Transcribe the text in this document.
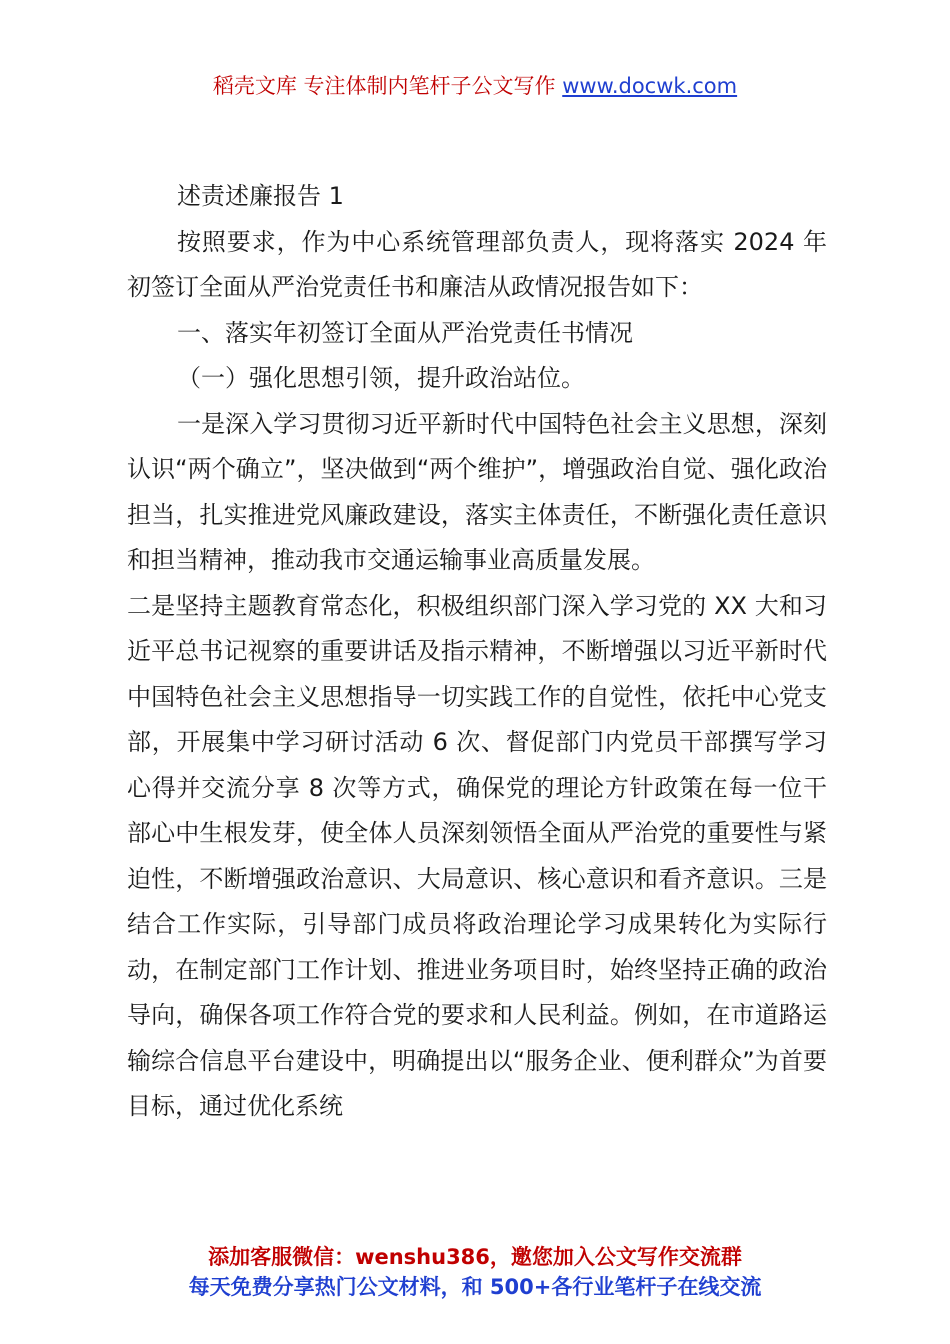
稻壳文库 专注体制内笔杆子公文写作 www.docwk.com

述责述廉报告 1

按照要求，作为中心系统管理部负责人，现将落实 2024 年初签订全面从严治党责任书和廉洁从政情况报告如下：

一、落实年初签订全面从严治党责任书情况

（一）强化思想引领，提升政治站位。

一是深入学习贯彻习近平新时代中国特色社会主义思想，深刻认识“两个确立”，坚决做到“两个维护”，增强政治自觉、强化政治担当，扎实推进党风廉政建设，落实主体责任，不断强化责任意识和担当精神，推动我市交通运输事业高质量发展。

二是坚持主题教育常态化，积极组织部门深入学习党的 XX 大和习近平总书记视察的重要讲话及指示精神，不断增强以习近平新时代中国特色社会主义思想指导一切实践工作的自觉性，依托中心党支部，开展集中学习研讨活动 6 次、督促部门内党员干部撰写学习心得并交流分享 8 次等方式，确保党的理论方针政策在每一位干部心中生根发芽，使全体人员深刻领悟全面从严治党的重要性与紧迫性，不断增强政治意识、大局意识、核心意识和看齐意识。三是结合工作实际，引导部门成员将政治理论学习成果转化为实际行动，在制定部门工作计划、推进业务项目时，始终坚持正确的政治导向，确保各项工作符合党的要求和人民利益。例如，在市道路运输综合信息平台建设中，明确提出以“服务企业、便利群众”为首要目标，通过优化系统

添加客服微信：wenshu386，邀您加入公文写作交流群
每天免费分享热门公文材料，和 500+各行业笔杆子在线交流
